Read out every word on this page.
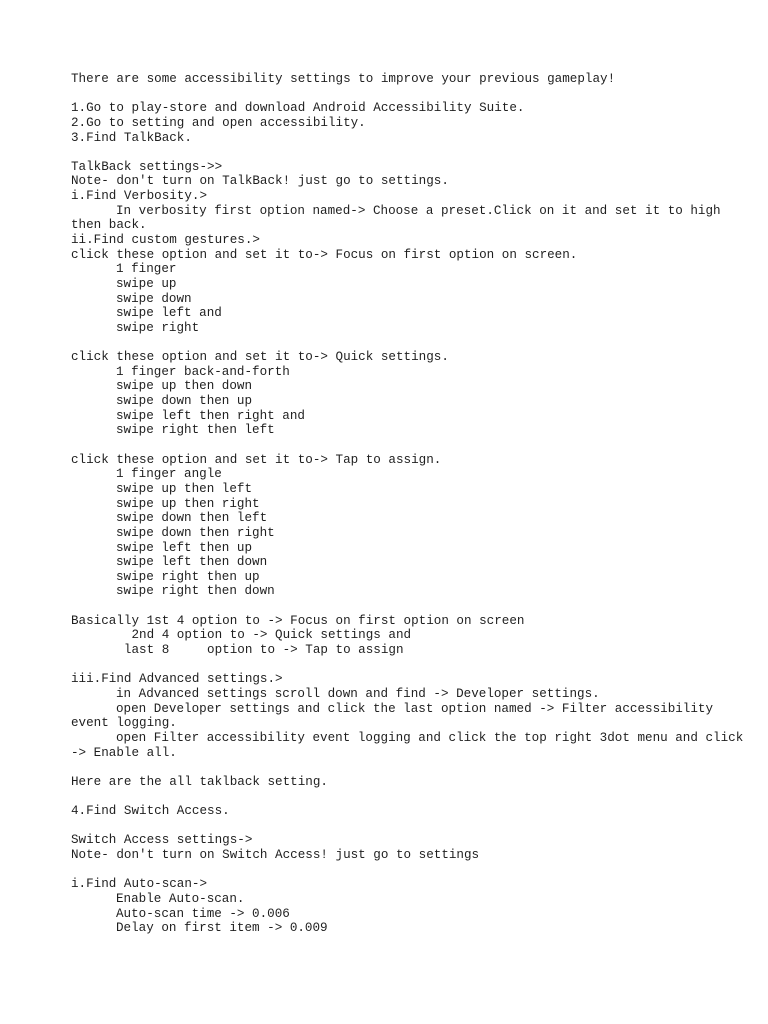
There are some accessibility settings to improve your previous gameplay!
1.Go to play-store and download Android Accessibility Suite.
2.Go to setting and open accessibility.
3.Find TalkBack.
TalkBack settings->>
Note- don't turn on TalkBack! just go to settings.
i.Find Verbosity.>
In verbosity first option named-> Choose a preset.Click on it and set it to high then back.
ii.Find custom gestures.>
click these option and set it to-> Focus on first option on screen.
1 finger
swipe up
swipe down
swipe left and
swipe right
click these option and set it to-> Quick settings.
1 finger back-and-forth
swipe up then down
swipe down then up
swipe left then right and
swipe right then left
click these option and set it to-> Tap to assign.
1 finger angle
swipe up then left
swipe up then right
swipe down then left
swipe down then right
swipe left then up
swipe left then down
swipe right then up
swipe right then down
Basically 1st 4 option to -> Focus on first option on screen
2nd 4 option to -> Quick settings and
last 8     option to -> Tap to assign
iii.Find Advanced settings.>
in Advanced settings scroll down and find -> Developer settings.
open Developer settings and click the last option named -> Filter accessibility event logging.
open Filter accessibility event logging and click the top right 3dot menu and click -> Enable all.
Here are the all taklback setting.
4.Find Switch Access.
Switch Access settings->
Note- don't turn on Switch Access! just go to settings
i.Find Auto-scan->
Enable Auto-scan.
Auto-scan time -> 0.006
Delay on first item -> 0.009
